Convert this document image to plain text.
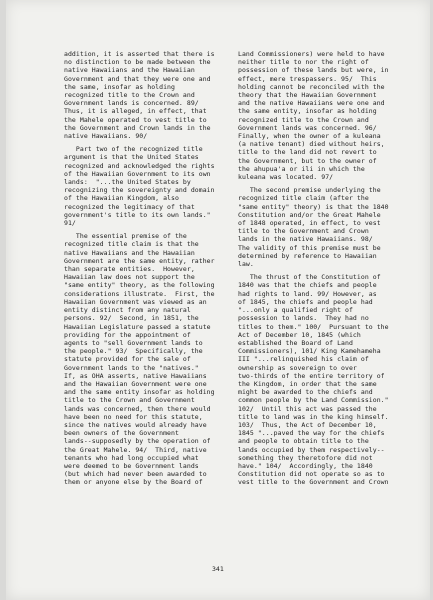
addition, it is asserted that there is
no distinction to be made between the
native Hawaiians and the Hawaiian
Government and that they were one and
the same, insofar as holding
recognized title to the Crown and
Government lands is concerned. 89/
Thus, it is alleged, in effect, that
the Mahele operated to vest title to
the Government and Crown lands in the
native Hawaiians. 90/

Part two of the recognized title
argument is that the United States
recognized and acknowledged the rights
of the Hawaiian Government to its own
lands:  "...the United States by
recognizing the sovereignty and domain
of the Hawaiian Kingdom, also
recognized the legitimacy of that
government's title to its own lands."
91/

The essential premise of the
recognized title claim is that the
native Hawaiians and the Hawaiian
Government are the same entity, rather
than separate entities.  However,
Hawaiian law does not support the
"same entity" theory, as the following
considerations illustrate.  First, the
Hawaiian Government was viewed as an
entity distinct from any natural
persons. 92/  Second, in 1851, the
Hawaiian Legislature passed a statute
providing for the appointment of
agents to "sell Government lands to
the people." 93/  Specifically, the
statute provided for the sale of
Government lands to the "natives."
If, as OHA asserts, native Hawaiians
and the Hawaiian Government were one
and the same entity insofar as holding
title to the Crown and Government
lands was concerned, then there would
have been no need for this statute,
since the natives would already have
been owners of the Government
lands--supposedly by the operation of
the Great Mahele. 94/  Third, native
tenants who had long occupied what
were deemed to be Government lands
(but which had never been awarded to
them or anyone else by the Board of

Land Commissioners) were held to have
neither title to nor the right of
possession of these lands but were, in
effect, mere trespassers. 95/  This
holding cannot be reconciled with the
theory that the Hawaiian Government
and the native Hawaiians were one and
the same entity, insofar as holding
recognized title to the Crown and
Government lands was concerned. 96/
Finally, when the owner of a kuleana
(a native tenant) died without heirs,
title to the land did not revert to
the Government, but to the owner of
the ahupua'a or ili in which the
kuleana was located. 97/

The second premise underlying the
recognized title claim (after the
"same entity" theory) is that the 1840
Constitution and/or the Great Mahele
of 1848 operated, in effect, to vest
title to the Government and Crown
lands in the native Hawaiians. 98/
The validity of this premise must be
determined by reference to Hawaiian
law.

The thrust of the Constitution of
1840 was that the chiefs and people
had rights to land. 99/ However, as
of 1845, the chiefs and people had
"...only a qualified right of
possession to lands.  They had no
titles to them." 100/  Pursuant to the
Act of December 10, 1845 (which
established the Board of Land
Commissioners), 101/ King Kamehameha
III "...relinquished his claim of
ownership as sovereign to over
two-thirds of the entire territory of
the Kingdom, in order that the same
might be awarded to the chiefs and
common people by the Land Commission."
102/  Until this act was passed the
title to land was in the king himself.
103/  Thus, the Act of December 10,
1845 "...paved the way for the chiefs
and people to obtain title to the
lands occupied by them respectively--
something they theretofore did not
have." 104/  Accordingly, the 1840
Constitution did not operate so as to
vest title to the Government and Crown

341
